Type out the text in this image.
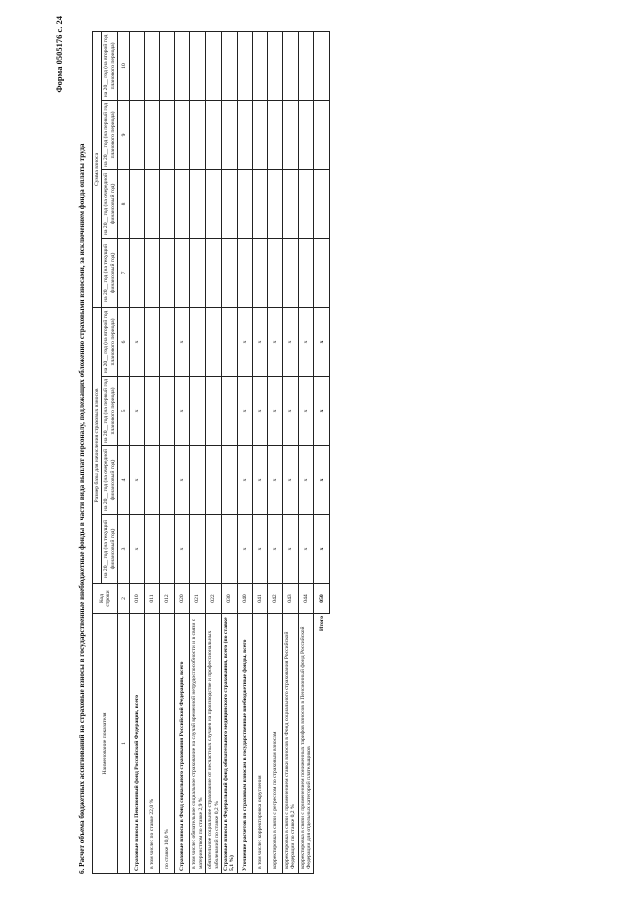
Форма 0505176 с. 24
6. Расчет объема бюджетных ассигнований на страховые взносы в государственные внебюджетные фонды в части вида выплат персоналу, подлежащих обложению страховыми взносами, за исключением фонда оплаты труда	Наименование показателя	Код строки	Размер базы для начисления страховых взносов				Сумма взноса			
		на 20__ год (на текущий финансовый год)	на 20__ год (на очередной финансовый год)	на 20__ год (на первый год планового периода)	на 20__ год (на второй год планового периода)	на 20__ год (на текущий финансовый год)	на 20__ год (на очередной финансовый год)	на 20__ год (на первый год планового периода)	на 20__ год (на второй год планового периода)
1	2	3	4	5	6	7	8	9	10
Страховые взносы в Пенсионный фонд Российской Федерации, всего	010	x	x	x	x				
в том числе: по ставке 22,0 %	011								
по ставке 10,0 %	012								
Страховые взносы в Фонд социального страхования Российской Федерации, всего	020	x	x	x	x				
в том числе: обязательное социальное страхование на случай временной нетрудоспособности и в связи с материнством по ставке 2,9 %	021								
обязательное социальное страхование от несчастных случаев на производстве и профессиональных заболеваний по ставке 0,2 %	022								
Страховые взносы в Федеральный фонд обязательного медицинского страхования, всего (по ставке 5,1 %)	030								
Уточнение расчетов по страховым взносам в государственные внебюджетные фонды, всего	040	x	x	x	x				
в том числе: корректировка округления	041	x	x	x	x				
корректировка в связи с регрессом по страховым взносам	042	x	x	x	x				
корректировка в связи с применением ставки взносов в Фонд социального страхования Российской Федерации по ставке 0,2 %	043	x	x	x	x				
корректировка в связи с применением пониженных тарифов взносов в Пенсионный фонд Российской Федерации для отдельных категорий плательщиков	044	x	x	x	x				
Итого	050	x	x	x	x				
